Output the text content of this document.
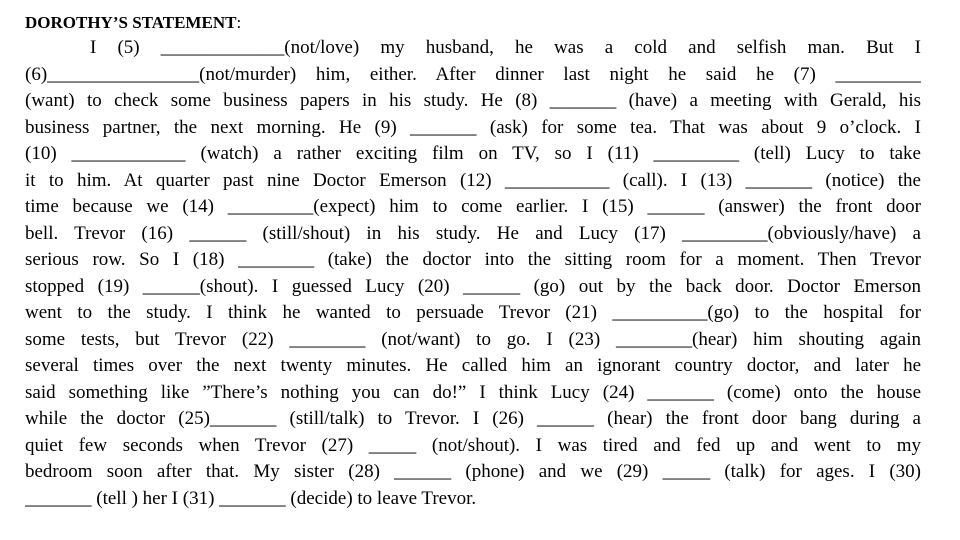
DOROTHY’S STATEMENT:
I (5) _____________(not/love) my husband, he was a cold and selfish man. But I
(6)________________(not/murder) him, either. After dinner last night he said he (7) _________
(want) to check some business papers in his study. He (8) _______ (have) a meeting with Gerald, his
business partner, the next morning. He (9) _______ (ask) for some tea. That was about 9 o’clock. I
(10) ____________ (watch) a rather exciting film on TV, so I (11) _________ (tell) Lucy to take
it to him. At quarter past nine Doctor Emerson (12) ___________ (call). I (13) _______ (notice) the
time because we (14) _________(expect) him to come earlier. I (15) ______ (answer) the front door
bell. Trevor (16) ______ (still/shout) in his study. He and Lucy (17) _________(obviously/have) a
serious row. So I (18) ________ (take) the doctor into the sitting room for a moment. Then Trevor
stopped (19) ______(shout). I guessed Lucy (20) ______ (go) out by the back door. Doctor Emerson
went to the study. I think he wanted to persuade Trevor (21) __________(go) to the hospital for
some tests, but Trevor (22) ________ (not/want) to go. I (23) ________(hear) him shouting again
several times over the next twenty minutes. He called him an ignorant country doctor, and later he
said something like ”There’s nothing you can do!” I think Lucy (24) _______ (come) onto the house
while the doctor (25)_______ (still/talk) to Trevor. I (26) ______ (hear) the front door bang during a
quiet few seconds when Trevor (27) _____ (not/shout). I was tired and fed up and went to my
bedroom soon after that. My sister (28) ______ (phone) and we (29) _____ (talk) for ages. I (30)
_______ (tell ) her I (31) _______ (decide) to leave Trevor.
